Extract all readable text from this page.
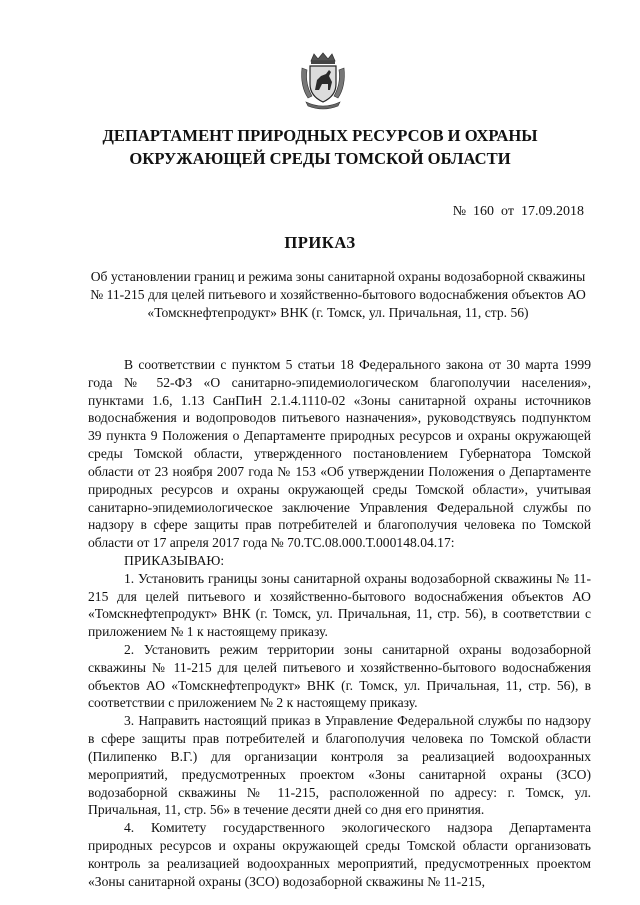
ДЕПАРТАМЕНТ ПРИРОДНЫХ РЕСУРСОВ И ОХРАНЫ
ОКРУЖАЮЩЕЙ СРЕДЫ ТОМСКОЙ ОБЛАСТИ
№  160  от  17.09.2018
ПРИКАЗ
Об установлении границ и режима зоны санитарной охраны водозаборной скважины № 11-215 для целей питьевого и хозяйственно-бытового водоснабжения объектов АО «Томскнефтепродукт» ВНК (г. Томск, ул. Причальная, 11, стр. 56)

В соответствии с пунктом 5 статьи 18 Федерального закона от 30 марта 1999 года № 52-ФЗ «О санитарно-эпидемиологическом благополучии населения», пунктами 1.6, 1.13 СанПиН 2.1.4.1110-02 «Зоны санитарной охраны источников водоснабжения и водопроводов питьевого назначения», руководствуясь подпунктом 39 пункта 9 Положения о Департаменте природных ресурсов и охраны окружающей среды Томской области, утвержденного постановлением Губернатора Томской области от 23 ноября 2007 года № 153 «Об утверждении Положения о Департаменте природных ресурсов и охраны окружающей среды Томской области», учитывая санитарно-эпидемиологическое заключение Управления Федеральной службы по надзору в сфере защиты прав потребителей и благополучия человека по Томской области от 17 апреля 2017 года № 70.ТС.08.000.Т.000148.04.17:

ПРИКАЗЫВАЮ:

1. Установить границы зоны санитарной охраны водозаборной скважины № 11-215 для целей питьевого и хозяйственно-бытового водоснабжения объектов АО «Томскнефтепродукт» ВНК (г. Томск, ул. Причальная, 11, стр. 56), в соответствии с приложением № 1 к настоящему приказу.

2. Установить режим территории зоны санитарной охраны водозаборной скважины № 11-215 для целей питьевого и хозяйственно-бытового водоснабжения объектов АО «Томскнефтепродукт» ВНК (г. Томск, ул. Причальная, 11, стр. 56), в соответствии с приложением № 2 к настоящему приказу.

3. Направить настоящий приказ в Управление Федеральной службы по надзору в сфере защиты прав потребителей и благополучия человека по Томской области (Пилипенко В.Г.) для организации контроля за реализацией водоохранных мероприятий, предусмотренных проектом «Зоны санитарной охраны (ЗСО) водозаборной скважины № 11-215, расположенной по адресу: г. Томск, ул. Причальная, 11, стр. 56» в течение десяти дней со дня его принятия.

4. Комитету государственного экологического надзора Департамента природных ресурсов и охраны окружающей среды Томской области организовать контроль за реализацией водоохранных мероприятий, предусмотренных проектом «Зоны санитарной охраны (ЗСО) водозаборной скважины № 11-215,
